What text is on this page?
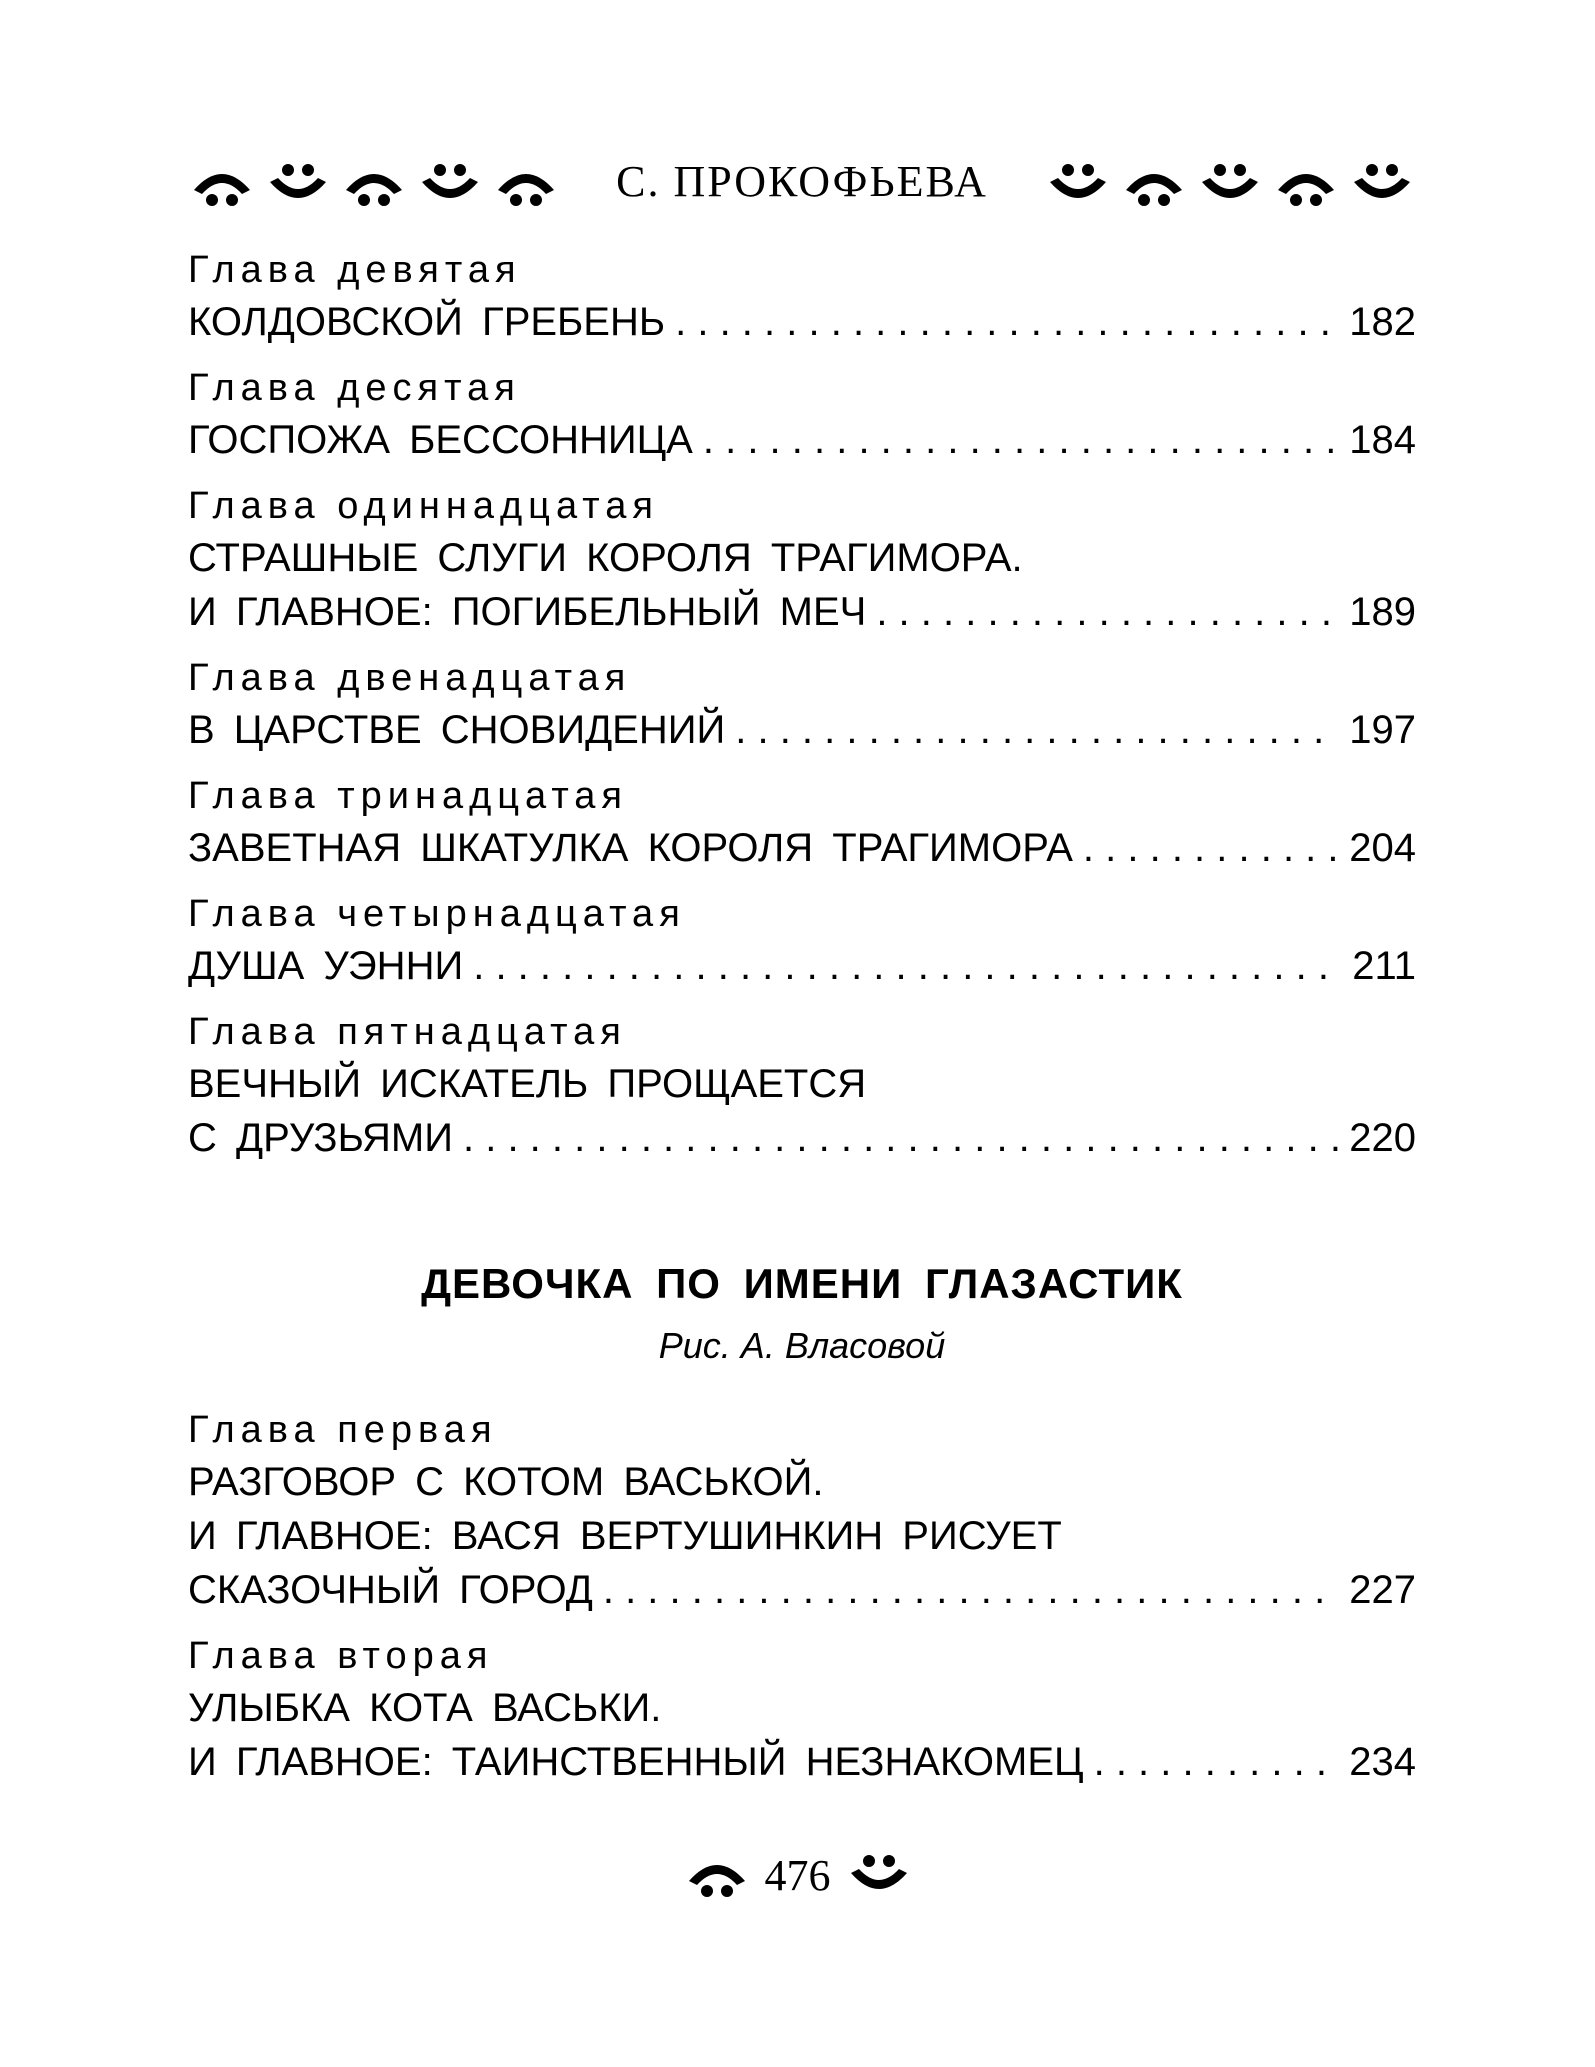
С. ПРОКОФЬЕВА
Глава девятая
КОЛДОВСКОЙ ГРЕБЕНЬ . . .	182
Глава десятая
ГОСПОЖА БЕССОННИЦА . . .	184
Глава одиннадцатая
СТРАШНЫЕ СЛУГИ КОРОЛЯ ТРАГИМОРА.
И ГЛАВНОЕ: ПОГИБЕЛЬНЫЙ МЕЧ . . .	189
Глава двенадцатая
В ЦАРСТВЕ СНОВИДЕНИЙ . . .	197
Глава тринадцатая
ЗАВЕТНАЯ ШКАТУЛКА КОРОЛЯ ТРАГИМОРА . . .	204
Глава четырнадцатая
ДУША УЭННИ . . .	211
Глава пятнадцатая
ВЕЧНЫЙ ИСКАТЕЛЬ ПРОЩАЕТСЯ
С ДРУЗЬЯМИ . . .	220
ДЕВОЧКА ПО ИМЕНИ ГЛАЗАСТИК
Рис. А. Власовой
Глава первая
РАЗГОВОР С КОТОМ ВАСЬКОЙ.
И ГЛАВНОЕ: ВАСЯ ВЕРТУШИНКИН РИСУЕТ
СКАЗОЧНЫЙ ГОРОД . . .	227
Глава вторая
УЛЫБКА КОТА ВАСЬКИ.
И ГЛАВНОЕ: ТАИНСТВЕННЫЙ НЕЗНАКОМЕЦ . . .	234
476
